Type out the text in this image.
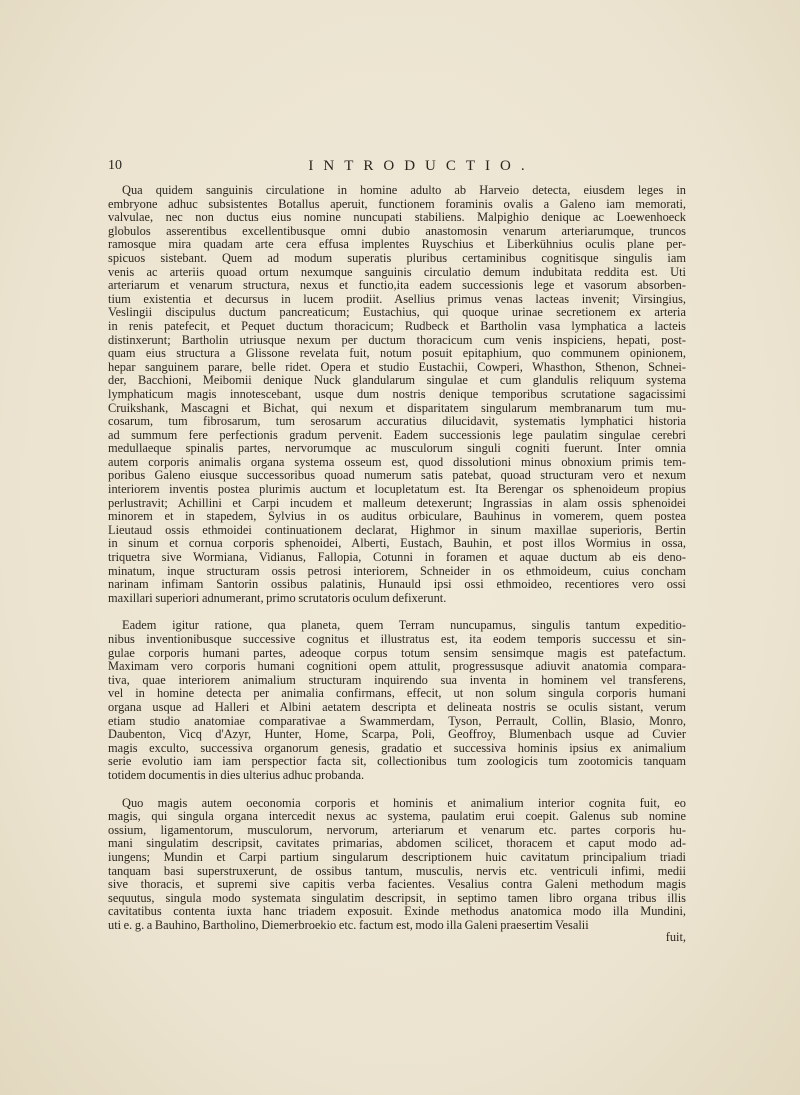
10	INTRODUCTIO.
Qua quidem sanguinis circulatione in homine adulto ab Harveio detecta, eiusdem leges in
embryone adhuc subsistentes Botallus aperuit, functionem foraminis ovalis a Galeno iam memorati,
valvulae, nec non ductus eius nomine nuncupati stabiliens. Malpighio denique ac Loewenhoeck
globulos asserentibus excellentibusque omni dubio anastomosin venarum arteriarumque, truncos
ramosque mira quadam arte cera effusa implentes Ruyschius et Liberkühnius oculis plane per-
spicuos sistebant. Quem ad modum superatis pluribus certaminibus cognitisque singulis iam
venis ac arteriis quoad ortum nexumque sanguinis circulatio demum indubitata reddita est. Uti
arteriarum et venarum structura, nexus et functio,ita eadem successionis lege et vasorum absorben-
tium existentia et decursus in lucem prodiit. Asellius primus venas lacteas invenit; Virsingius,
Veslingii discipulus ductum pancreaticum; Eustachius, qui quoque urinae secretionem ex arteria
in renis patefecit, et Pequet ductum thoracicum; Rudbeck et Bartholin vasa lymphatica a lacteis
distinxerunt; Bartholin utriusque nexum per ductum thoracicum cum venis inspiciens, hepati, post-
quam eius structura a Glissone revelata fuit, notum posuit epitaphium, quo communem opinionem,
hepar sanguinem parare, belle ridet. Opera et studio Eustachii, Cowperi, Whasthon, Sthenon, Schnei-
der, Bacchioni, Meibomii denique Nuck glandularum singulae et cum glandulis reliquum systema
lymphaticum magis innotescebant, usque dum nostris denique temporibus scrutatione sagacissimi
Cruikshank, Mascagni et Bichat, qui nexum et disparitatem singularum membranarum tum mu-
cosarum, tum fibrosarum, tum serosarum accuratius dilucidavit, systematis lymphatici historia
ad summum fere perfectionis gradum pervenit. Eadem successionis lege paulatim singulae cerebri
medullaeque spinalis partes, nervorumque ac musculorum singuli cogniti fuerunt. Inter omnia
autem corporis animalis organa systema osseum est, quod dissolutioni minus obnoxium primis tem-
poribus Galeno eiusque successoribus quoad numerum satis patebat, quoad structuram vero et nexum
interiorem inventis postea plurimis auctum et locupletatum est. Ita Berengar os sphenoideum propius
perlustravit; Achillini et Carpi incudem et malleum detexerunt; Ingrassias in alam ossis sphenoidei
minorem et in stapedem, Sylvius in os auditus orbiculare, Bauhinus in vomerem, quem postea
Lieutaud ossis ethmoidei continuationem declarat, Highmor in sinum maxillae superioris, Bertin
in sinum et cornua corporis sphenoidei, Alberti, Eustach, Bauhin, et post illos Wormius in ossa,
triquetra sive Wormiana, Vidianus, Fallopia, Cotunni in foramen et aquae ductum ab eis deno-
minatum, inque structuram ossis petrosi interiorem, Schneider in os ethmoideum, cuius concham
narinam infimam Santorin ossibus palatinis, Hunauld ipsi ossi ethmoideo, recentiores vero ossi
maxillari superiori adnumerant, primo scrutatoris oculum defixerunt.
Eadem igitur ratione, qua planeta, quem Terram nuncupamus, singulis tantum expeditio-
nibus inventionibusque successive cognitus et illustratus est, ita eodem temporis successu et sin-
gulae corporis humani partes, adeoque corpus totum sensim sensimque magis est patefactum.
Maximam vero corporis humani cognitioni opem attulit, progressusque adiuvit anatomia compara-
tiva, quae interiorem animalium structuram inquirendo sua inventa in hominem vel transferens,
vel in homine detecta per animalia confirmans, effecit, ut non solum singula corporis humani
organa usque ad Halleri et Albini aetatem descripta et delineata nostris se oculis sistant, verum
etiam studio anatomiae comparativae a Swammerdam, Tyson, Perrault, Collin, Blasio, Monro,
Daubenton, Vicq d'Azyr, Hunter, Home, Scarpa, Poli, Geoffroy, Blumenbach usque ad Cuvier
magis exculto, successiva organorum genesis, gradatio et successiva hominis ipsius ex animalium
serie evolutio iam iam perspectior facta sit, collectionibus tum zoologicis tum zootomicis tanquam
totidem documentis in dies ulterius adhuc probanda.
Quo magis autem oeconomia corporis et hominis et animalium interior cognita fuit, eo
magis, qui singula organa intercedit nexus ac systema, paulatim erui coepit. Galenus sub nomine
ossium, ligamentorum, musculorum, nervorum, arteriarum et venarum etc. partes corporis hu-
mani singulatim descripsit, cavitates primarias, abdomen scilicet, thoracem et caput modo ad-
iungens; Mundin et Carpi partium singularum descriptionem huic cavitatum principalium triadi
tanquam basi superstruxerunt, de ossibus tantum, musculis, nervis etc. ventriculi infimi, medii
sive thoracis, et supremi sive capitis verba facientes. Vesalius contra Galeni methodum magis
sequutus, singula modo systemata singulatim descripsit, in septimo tamen libro organa tribus illis
cavitatibus contenta iuxta hanc triadem exposuit. Exinde methodus anatomica modo illa Mundini,
uti e. g. a Bauhino, Bartholino, Diemerbroekio etc. factum est, modo illa Galeni praesertim Vesalii
fuit,
